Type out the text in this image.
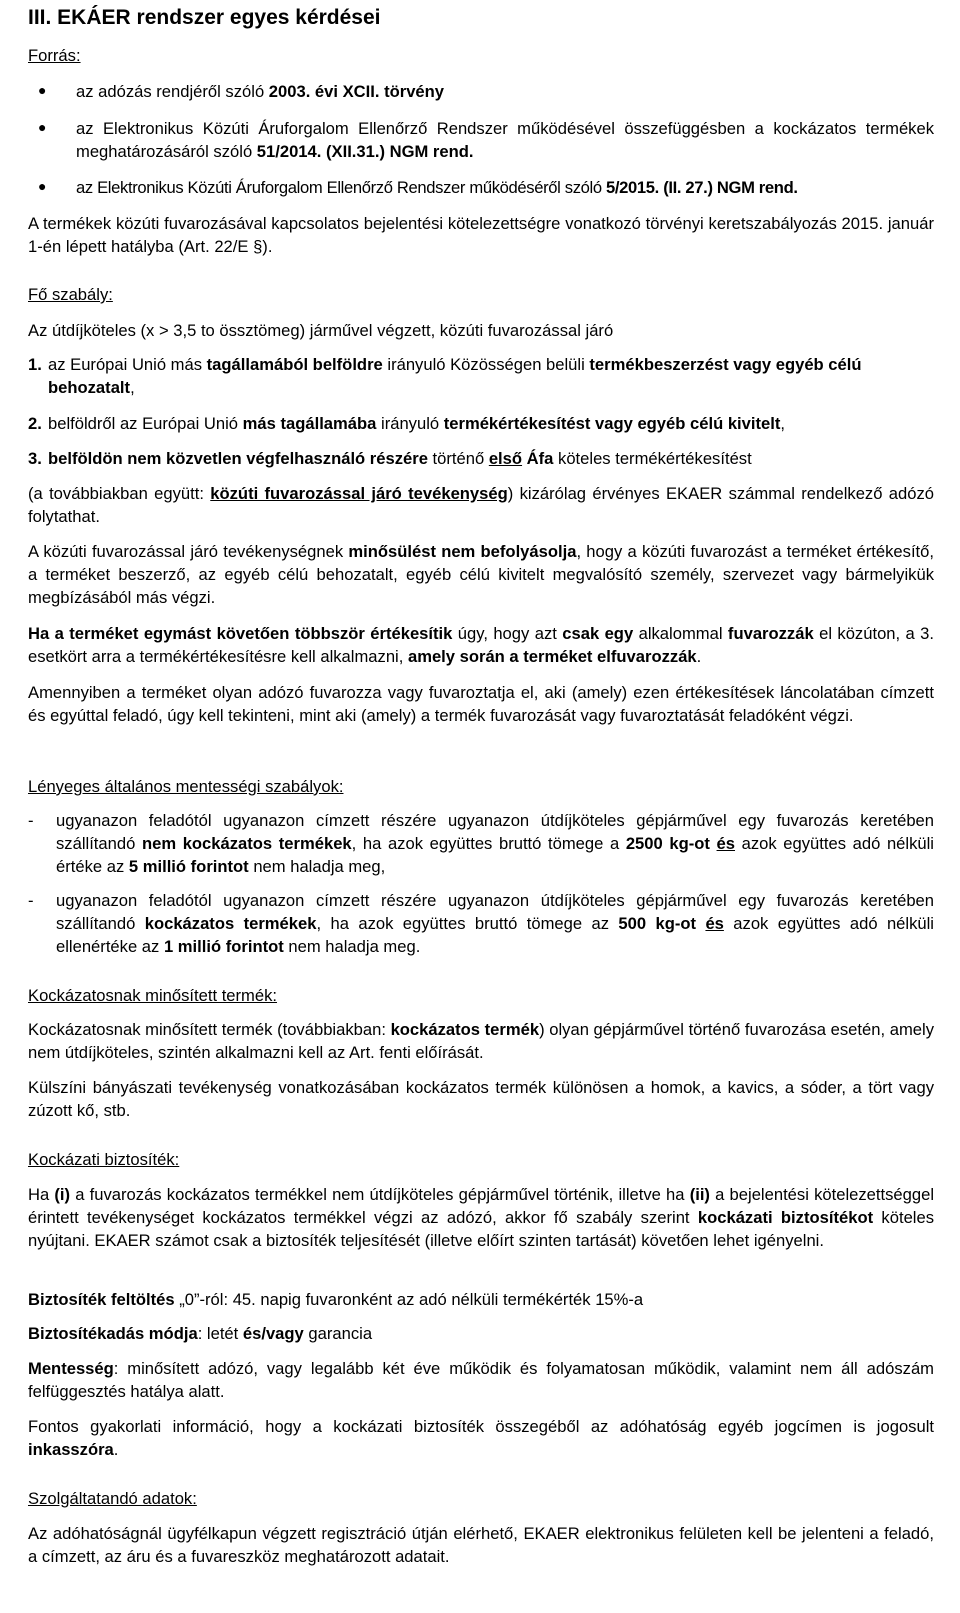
III. EKÁER rendszer egyes kérdései
Forrás:
● az adózás rendjéről szóló 2003. évi XCII. törvény
● az Elektronikus Közúti Áruforgalom Ellenőrző Rendszer működésével összefüggésben a kockázatos termékek meghatározásáról szóló 51/2014. (XII.31.) NGM rend.
● az Elektronikus Közúti Áruforgalom Ellenőrző Rendszer működéséről szóló 5/2015. (II. 27.) NGM rend.
A termékek közúti fuvarozásával kapcsolatos bejelentési kötelezettségre vonatkozó törvényi keretszabályozás 2015. január 1-én lépett hatályba (Art. 22/E §).
Fő szabály:
Az útdíjköteles (x > 3,5 to össztömeg) járművel végzett, közúti fuvarozással járó
1. az Európai Unió más tagállamából belföldre irányuló Közösségen belüli termékbeszerzést vagy egyéb célú behozatalt,
2. belföldről az Európai Unió más tagállamába irányuló termékértékesítést vagy egyéb célú kivitelt,
3. belföldön nem közvetlen végfelhasználó részére történő első Áfa köteles termékértékesítést
(a továbbiakban együtt: közúti fuvarozással járó tevékenység) kizárólag érvényes EKAER számmal rendelkező adózó folytathat.
A közúti fuvarozással járó tevékenységnek minősülést nem befolyásolja, hogy a közúti fuvarozást a terméket értékesítő, a terméket beszerző, az egyéb célú behozatalt, egyéb célú kivitelt megvalósító személy, szervezet vagy bármelyikük megbízásából más végzi.
Ha a terméket egymást követően többször értékesítik úgy, hogy azt csak egy alkalommal fuvarozzák el közúton, a 3. esetkört arra a termékértékesítésre kell alkalmazni, amely során a terméket elfuvarozzák.
Amennyiben a terméket olyan adózó fuvarozza vagy fuvaroztatja el, aki (amely) ezen értékesítések láncolatában címzett és egyúttal feladó, úgy kell tekinteni, mint aki (amely) a termék fuvarozását vagy fuvaroztatását feladóként végzi.
Lényeges általános mentességi szabályok:
- ugyanazon feladótól ugyanazon címzett részére ugyanazon útdíjköteles gépjárművel egy fuvarozás keretében szállítandó nem kockázatos termékek, ha azok együttes bruttó tömege a 2500 kg-ot és azok együttes adó nélküli értéke az 5 millió forintot nem haladja meg,
- ugyanazon feladótól ugyanazon címzett részére ugyanazon útdíjköteles gépjárművel egy fuvarozás keretében szállítandó kockázatos termékek, ha azok együttes bruttó tömege az 500 kg-ot és azok együttes adó nélküli ellenértéke az 1 millió forintot nem haladja meg.
Kockázatosnak minősített termék:
Kockázatosnak minősített termék (továbbiakban: kockázatos termék) olyan gépjárművel történő fuvarozása esetén, amely nem útdíjköteles, szintén alkalmazni kell az Art. fenti előírását.
Külszíni bányászati tevékenység vonatkozásában kockázatos termék különösen a homok, a kavics, a sóder, a tört vagy zúzott kő, stb.
Kockázati biztosíték:
Ha (i) a fuvarozás kockázatos termékkel nem útdíjköteles gépjárművel történik, illetve ha (ii) a bejelentési kötelezettséggel érintett tevékenységet kockázatos termékkel végzi az adózó, akkor fő szabály szerint kockázati biztosítékot köteles nyújtani. EKAER számot csak a biztosíték teljesítését (illetve előírt szinten tartását) követően lehet igényelni.
Biztosíték feltöltés „0”-ról: 45. napig fuvaronként az adó nélküli termékérték 15%-a
Biztosítékadás módja: letét és/vagy garancia
Mentesség: minősített adózó, vagy legalább két éve működik és folyamatosan működik, valamint nem áll adószám felfüggesztés hatálya alatt.
Fontos gyakorlati információ, hogy a kockázati biztosíték összegéből az adóhatóság egyéb jogcímen is jogosult inkasszóra.
Szolgáltatandó adatok:
Az adóhatóságnál ügyfélkapun végzett regisztráció útján elérhető, EKAER elektronikus felületen kell be jelenteni a feladó, a címzett, az áru és a fuvareszköz meghatározott adatait.
